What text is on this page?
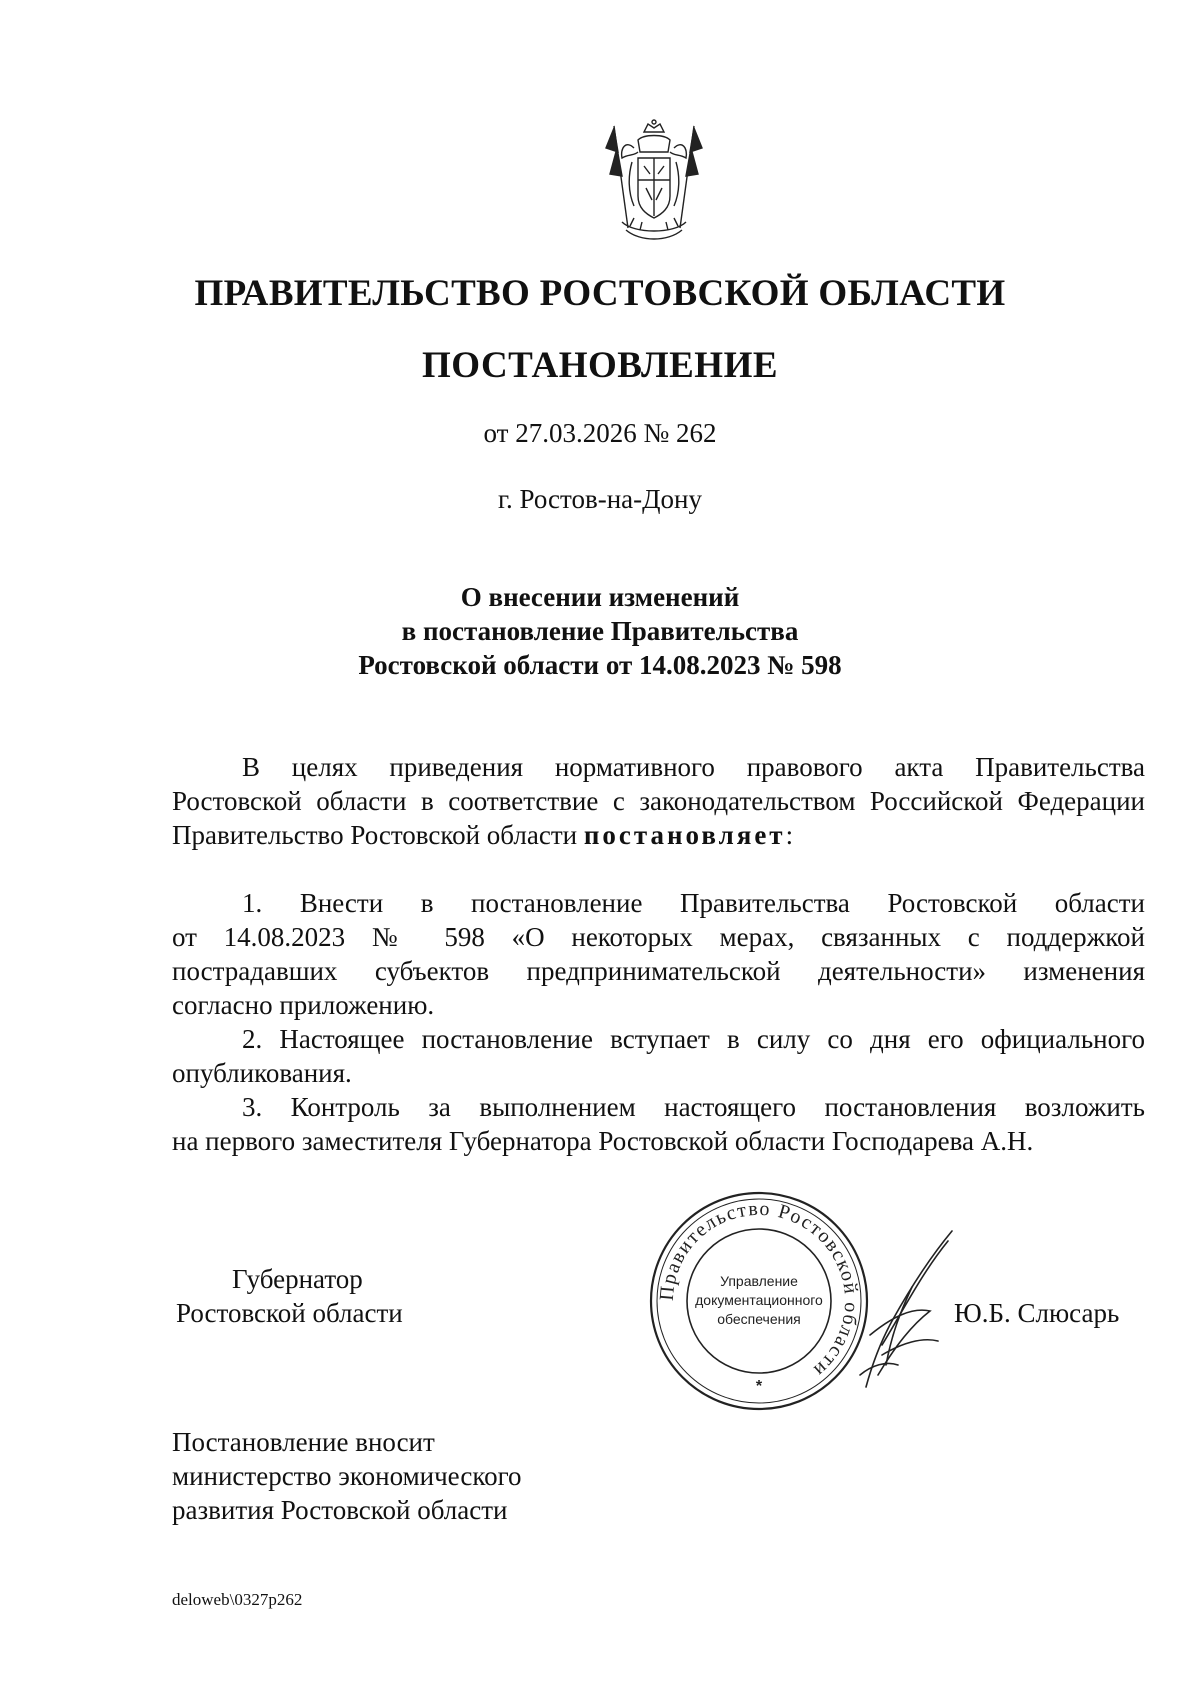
ПРАВИТЕЛЬСТВО РОСТОВСКОЙ ОБЛАСТИ
ПОСТАНОВЛЕНИЕ
от 27.03.2026 № 262
г. Ростов-на-Дону
О внесении изменений
в постановление Правительства
Ростовской области от 14.08.2023 № 598
В целях приведения нормативного правового акта Правительства
Ростовской области в соответствие с законодательством Российской Федерации
Правительство Ростовской области постановляет:
1. Внести в постановление Правительства Ростовской области
от 14.08.2023 № 598 «О некоторых мерах, связанных с поддержкой
пострадавших субъектов предпринимательской деятельности» изменения
согласно приложению.
2. Настоящее постановление вступает в силу со дня его официального
опубликования.
3. Контроль за выполнением настоящего постановления возложить
на первого заместителя Губернатора Ростовской области Господарева А.Н.
Губернатор
Ростовской области	Ю.Б. Слюсарь
Правительство Ростовской области
Управление
документационного
обеспечения
*
Постановление вносит
министерство экономического
развития Ростовской области
deloweb\0327p262
